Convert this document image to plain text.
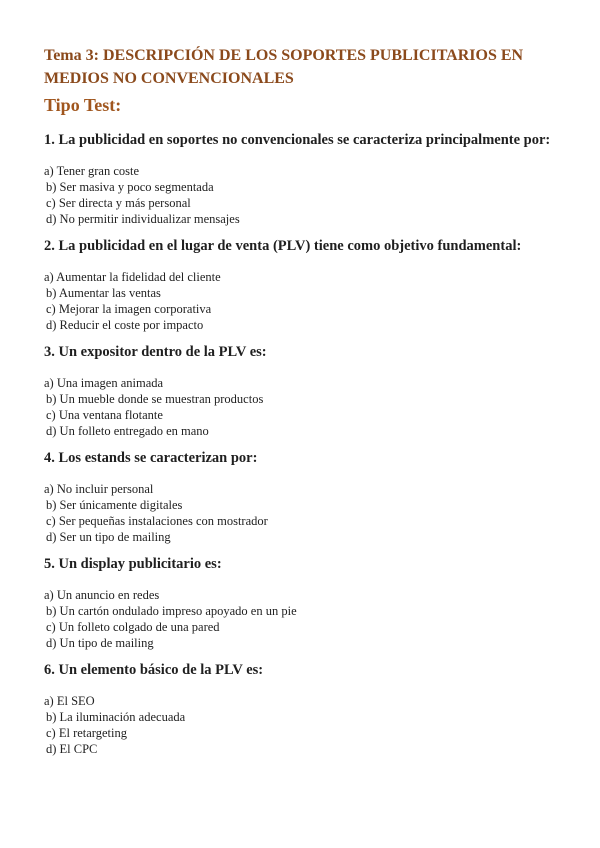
Tema 3: DESCRIPCIÓN DE LOS SOPORTES PUBLICITARIOS EN MEDIOS NO CONVENCIONALES
Tipo Test:

1. La publicidad en soportes no convencionales se caracteriza principalmente por:

a) Tener gran coste
b) Ser masiva y poco segmentada
c) Ser directa y más personal
d) No permitir individualizar mensajes

2. La publicidad en el lugar de venta (PLV) tiene como objetivo fundamental:

a) Aumentar la fidelidad del cliente
b) Aumentar las ventas
c) Mejorar la imagen corporativa
d) Reducir el coste por impacto

3. Un expositor dentro de la PLV es:

a) Una imagen animada
b) Un mueble donde se muestran productos
c) Una ventana flotante
d) Un folleto entregado en mano

4. Los estands se caracterizan por:

a) No incluir personal
b) Ser únicamente digitales
c) Ser pequeñas instalaciones con mostrador
d) Ser un tipo de mailing

5. Un display publicitario es:

a) Un anuncio en redes
b) Un cartón ondulado impreso apoyado en un pie
c) Un folleto colgado de una pared
d) Un tipo de mailing

6. Un elemento básico de la PLV es:

a) El SEO
b) La iluminación adecuada
c) El retargeting
d) El CPC
